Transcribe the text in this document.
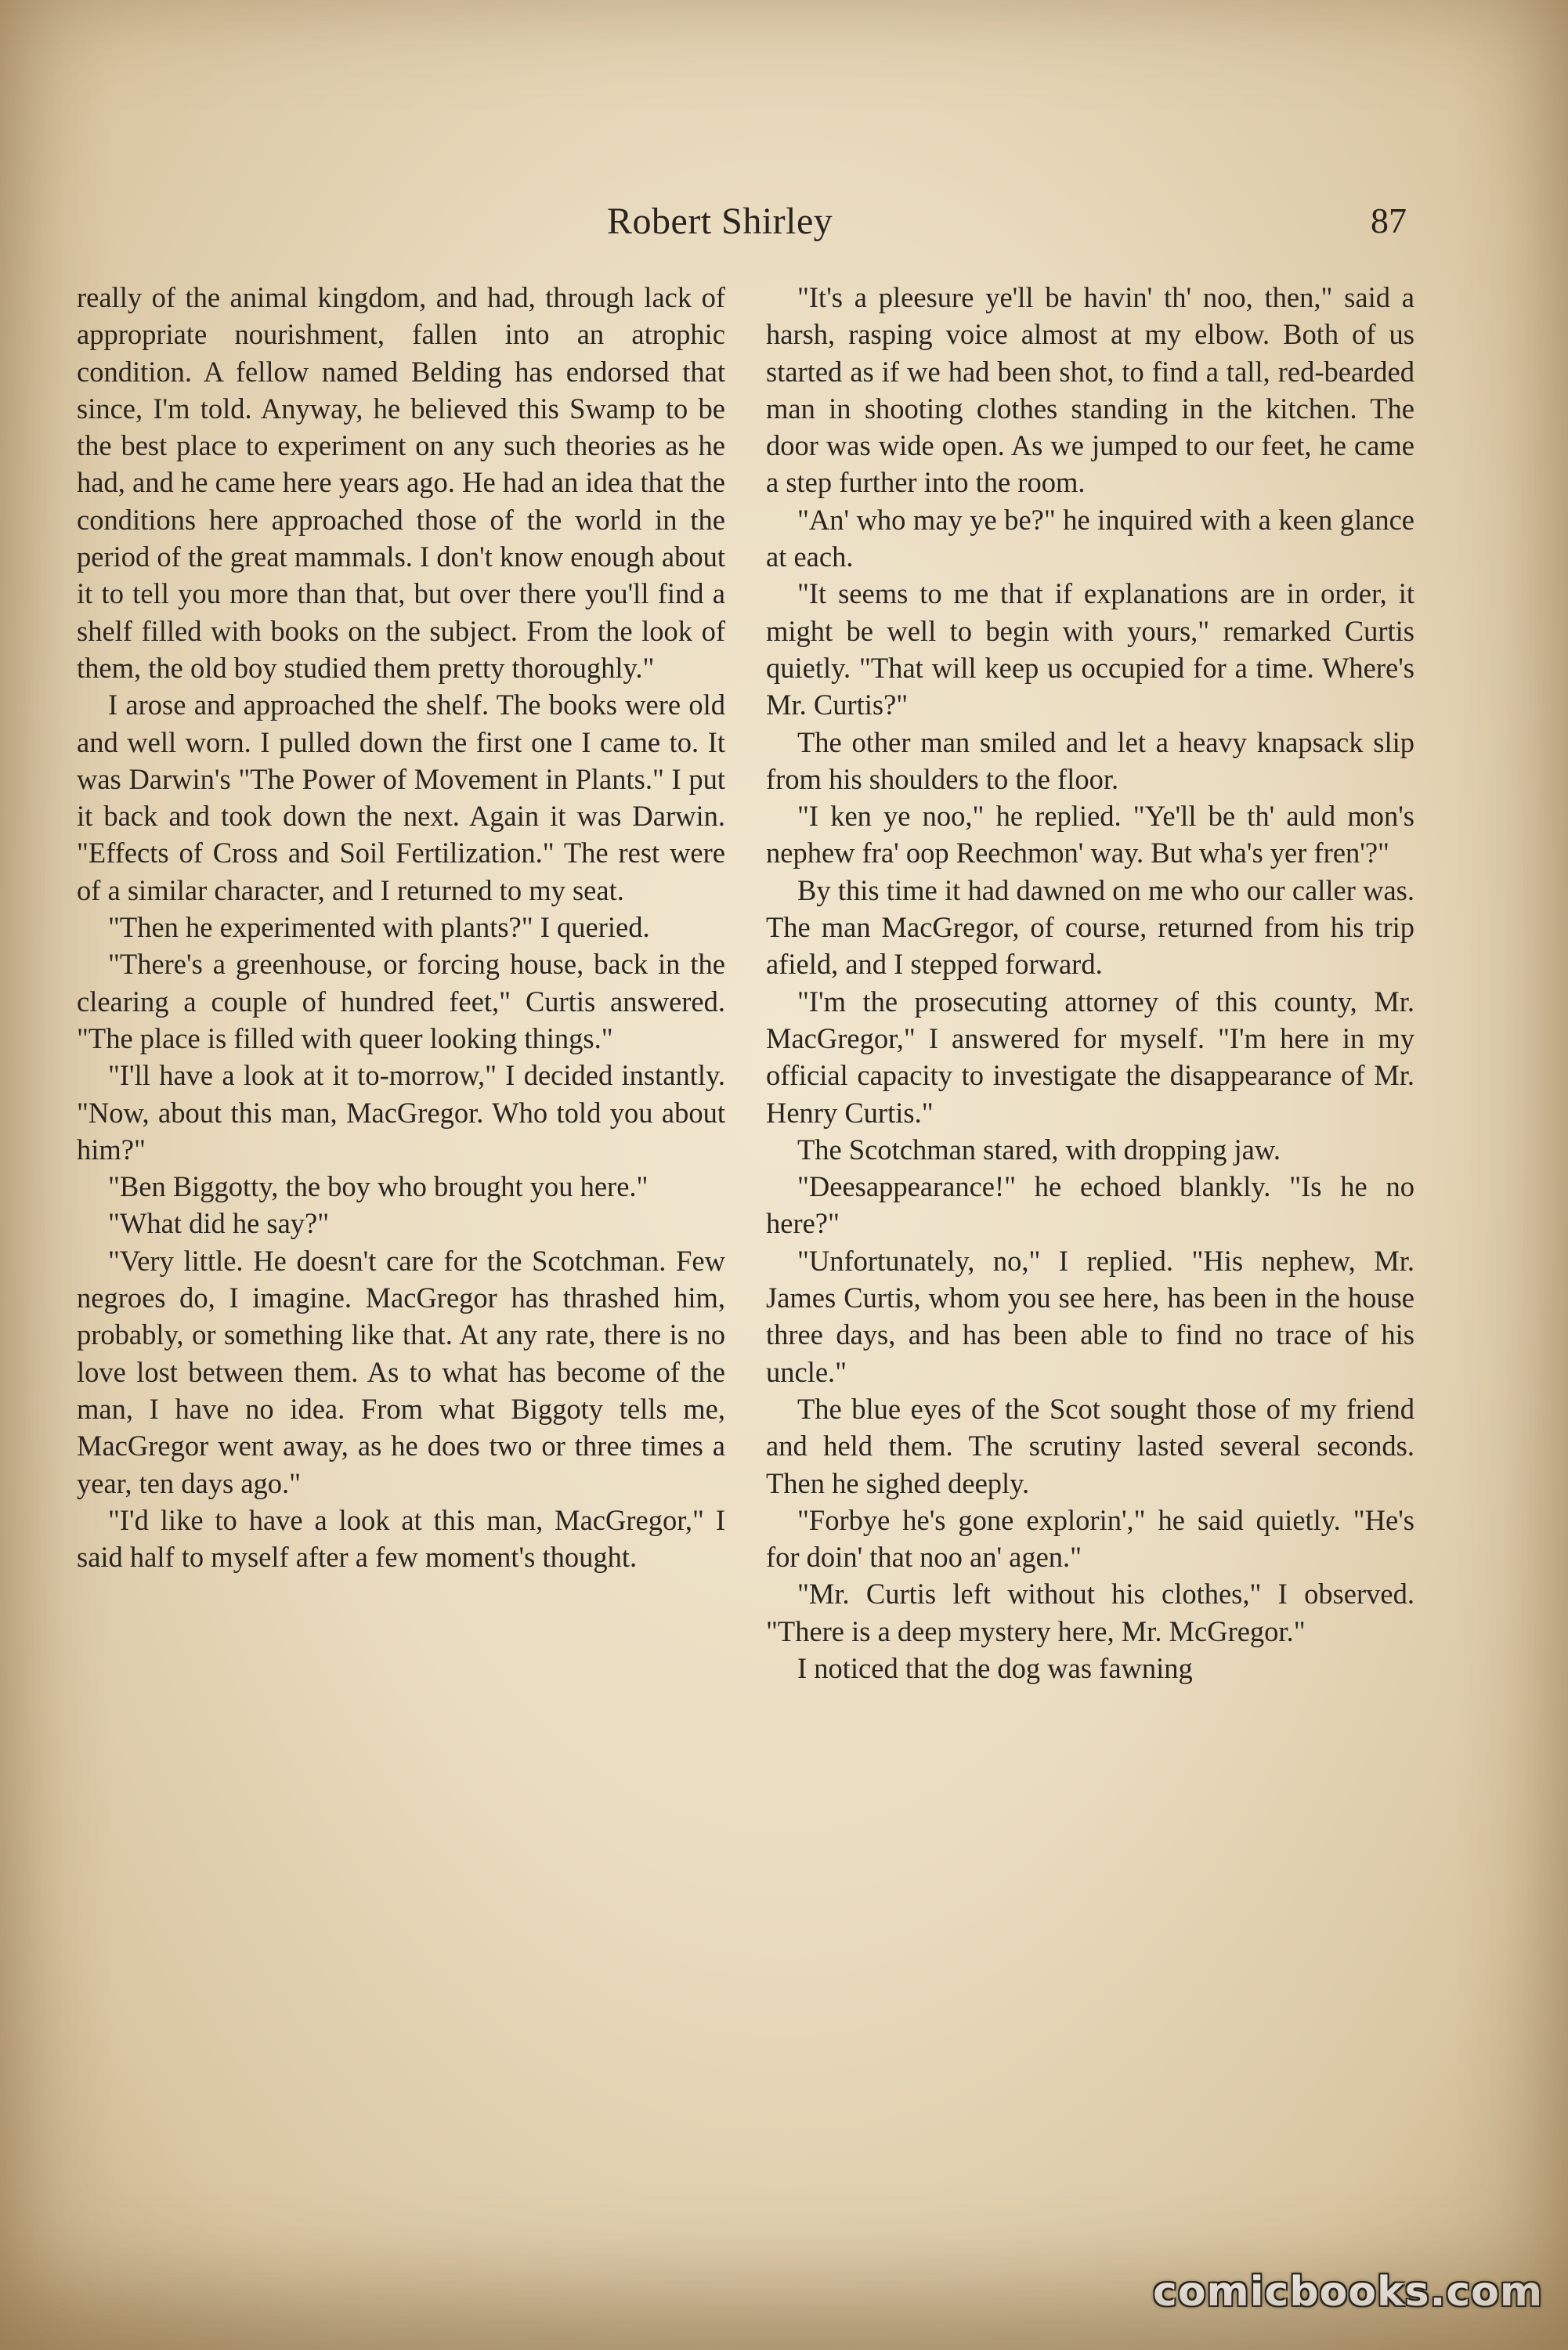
Robert Shirley	87

really of the animal kingdom, and had, through lack of appropriate nourishment, fallen into an atrophic condition. A fellow named Belding has endorsed that since, I'm told. Anyway, he believed this Swamp to be the best place to experiment on any such theories as he had, and he came here years ago. He had an idea that the conditions here approached those of the world in the period of the great mammals. I don't know enough about it to tell you more than that, but over there you'll find a shelf filled with books on the subject. From the look of them, the old boy studied them pretty thoroughly."

I arose and approached the shelf. The books were old and well worn. I pulled down the first one I came to. It was Darwin's "The Power of Movement in Plants." I put it back and took down the next. Again it was Darwin. "Effects of Cross and Soil Fertilization." The rest were of a similar character, and I returned to my seat.

"Then he experimented with plants?" I queried.

"There's a greenhouse, or forcing house, back in the clearing a couple of hundred feet," Curtis answered. "The place is filled with queer looking things."

"I'll have a look at it to-morrow," I decided instantly. "Now, about this man, MacGregor. Who told you about him?"

"Ben Biggotty, the boy who brought you here."

"What did he say?"

"Very little. He doesn't care for the Scotchman. Few negroes do, I imagine. MacGregor has thrashed him, probably, or something like that. At any rate, there is no love lost between them. As to what has become of the man, I have no idea. From what Biggoty tells me, MacGregor went away, as he does two or three times a year, ten days ago."

"I'd like to have a look at this man, MacGregor," I said half to myself after a few moment's thought.

"It's a pleesure ye'll be havin' th' noo, then," said a harsh, rasping voice almost at my elbow. Both of us started as if we had been shot, to find a tall, red-bearded man in shooting clothes standing in the kitchen. The door was wide open. As we jumped to our feet, he came a step further into the room.

"An' who may ye be?" he inquired with a keen glance at each.

"It seems to me that if explanations are in order, it might be well to begin with yours," remarked Curtis quietly. "That will keep us occupied for a time. Where's Mr. Curtis?"

The other man smiled and let a heavy knapsack slip from his shoulders to the floor.

"I ken ye noo," he replied. "Ye'll be th' auld mon's nephew fra' oop Reechmon' way. But wha's yer fren'?"

By this time it had dawned on me who our caller was. The man MacGregor, of course, returned from his trip afield, and I stepped forward.

"I'm the prosecuting attorney of this county, Mr. MacGregor," I answered for myself. "I'm here in my official capacity to investigate the disappearance of Mr. Henry Curtis."

The Scotchman stared, with dropping jaw.

"Deesappearance!" he echoed blankly. "Is he no here?"

"Unfortunately, no," I replied. "His nephew, Mr. James Curtis, whom you see here, has been in the house three days, and has been able to find no trace of his uncle."

The blue eyes of the Scot sought those of my friend and held them. The scrutiny lasted several seconds. Then he sighed deeply.

"Forbye he's gone explorin'," he said quietly. "He's for doin' that noo an' agen."

"Mr. Curtis left without his clothes," I observed. "There is a deep mystery here, Mr. McGregor."

I noticed that the dog was fawning

comicbooks.com
